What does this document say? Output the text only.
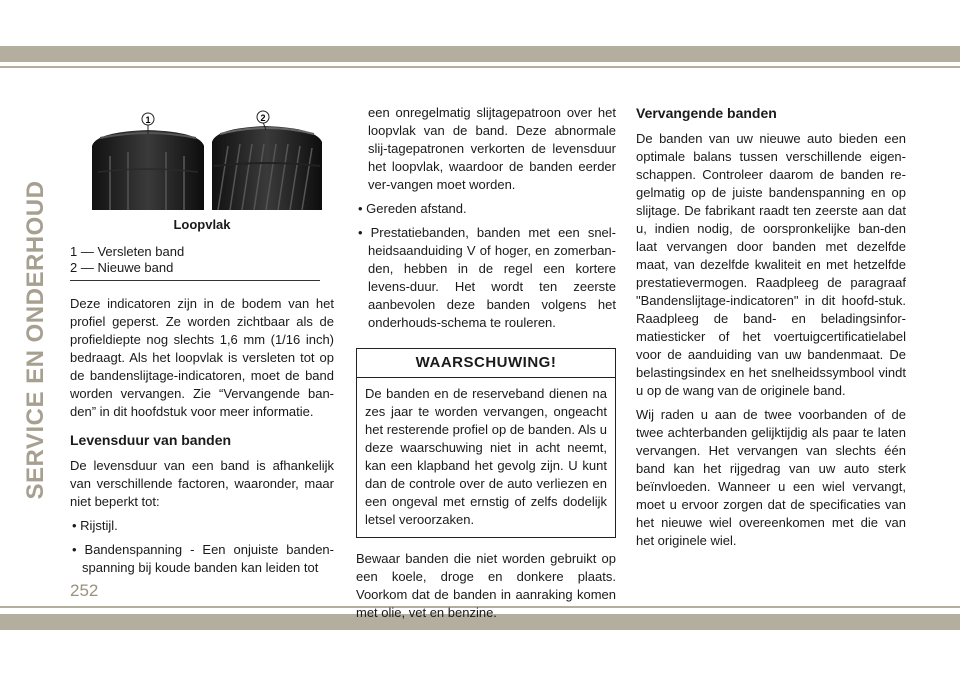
SERVICE EN ONDERHOUD
252
1	2
Loopvlak
1 — Versleten band
2 — Nieuwe band

Deze indicatoren zijn in de bodem van het profiel geperst. Ze worden zichtbaar als de profieldiepte nog slechts 1,6 mm (1/16 inch) bedraagt. Als het loopvlak is versleten tot op de bandenslijtage-indicatoren, moet de band worden vervangen. Zie “Vervangende ban-den” in dit hoofdstuk voor meer informatie.

Levensduur van banden

De levensduur van een band is afhankelijk van verschillende factoren, waaronder, maar niet beperkt tot:

• Rijstijl.
• Bandenspanning - Een onjuiste banden-spanning bij koude banden kan leiden tot

een onregelmatig slijtagepatroon over het loopvlak van de band. Deze abnormale slij-tagepatronen verkorten de levensduur het loopvlak, waardoor de banden eerder ver-vangen moet worden.

• Gereden afstand.
• Prestatiebanden, banden met een snel-heidsaanduiding V of hoger, en zomerban-den, hebben in de regel een kortere levens-duur. Het wordt ten zeerste aanbevolen deze banden volgens het onderhouds-schema te rouleren.
WAARSCHUWING!
De banden en de reserveband dienen na zes jaar te worden vervangen, ongeacht het resterende profiel op de banden. Als u deze waarschuwing niet in acht neemt, kan een klapband het gevolg zijn. U kunt dan de controle over de auto verliezen en een ongeval met ernstig of zelfs dodelijk letsel veroorzaken.

Bewaar banden die niet worden gebruikt op een koele, droge en donkere plaats. Voorkom dat de banden in aanraking komen met olie, vet en benzine.

Vervangende banden

De banden van uw nieuwe auto bieden een optimale balans tussen verschillende eigen-schappen. Controleer daarom de banden re-gelmatig op de juiste bandenspanning en op slijtage. De fabrikant raadt ten zeerste aan dat u, indien nodig, de oorspronkelijke ban-den laat vervangen door banden met dezelfde maat, van dezelfde kwaliteit en met hetzelfde prestatievermogen. Raadpleeg de paragraaf "Bandenslijtage-indicatoren" in dit hoofd-stuk. Raadpleeg de band- en beladingsinfor-matiesticker of het voertuigcertificatielabel voor de aanduiding van uw bandenmaat. De belastingsindex en het snelheidssymbool vindt u op de wang van de originele band.

Wij raden u aan de twee voorbanden of de twee achterbanden gelijktijdig als paar te laten vervangen. Het vervangen van slechts één band kan het rijgedrag van uw auto sterk beïnvloeden. Wanneer u een wiel vervangt, moet u ervoor zorgen dat de specificaties van het nieuwe wiel overeenkomen met die van het originele wiel.
